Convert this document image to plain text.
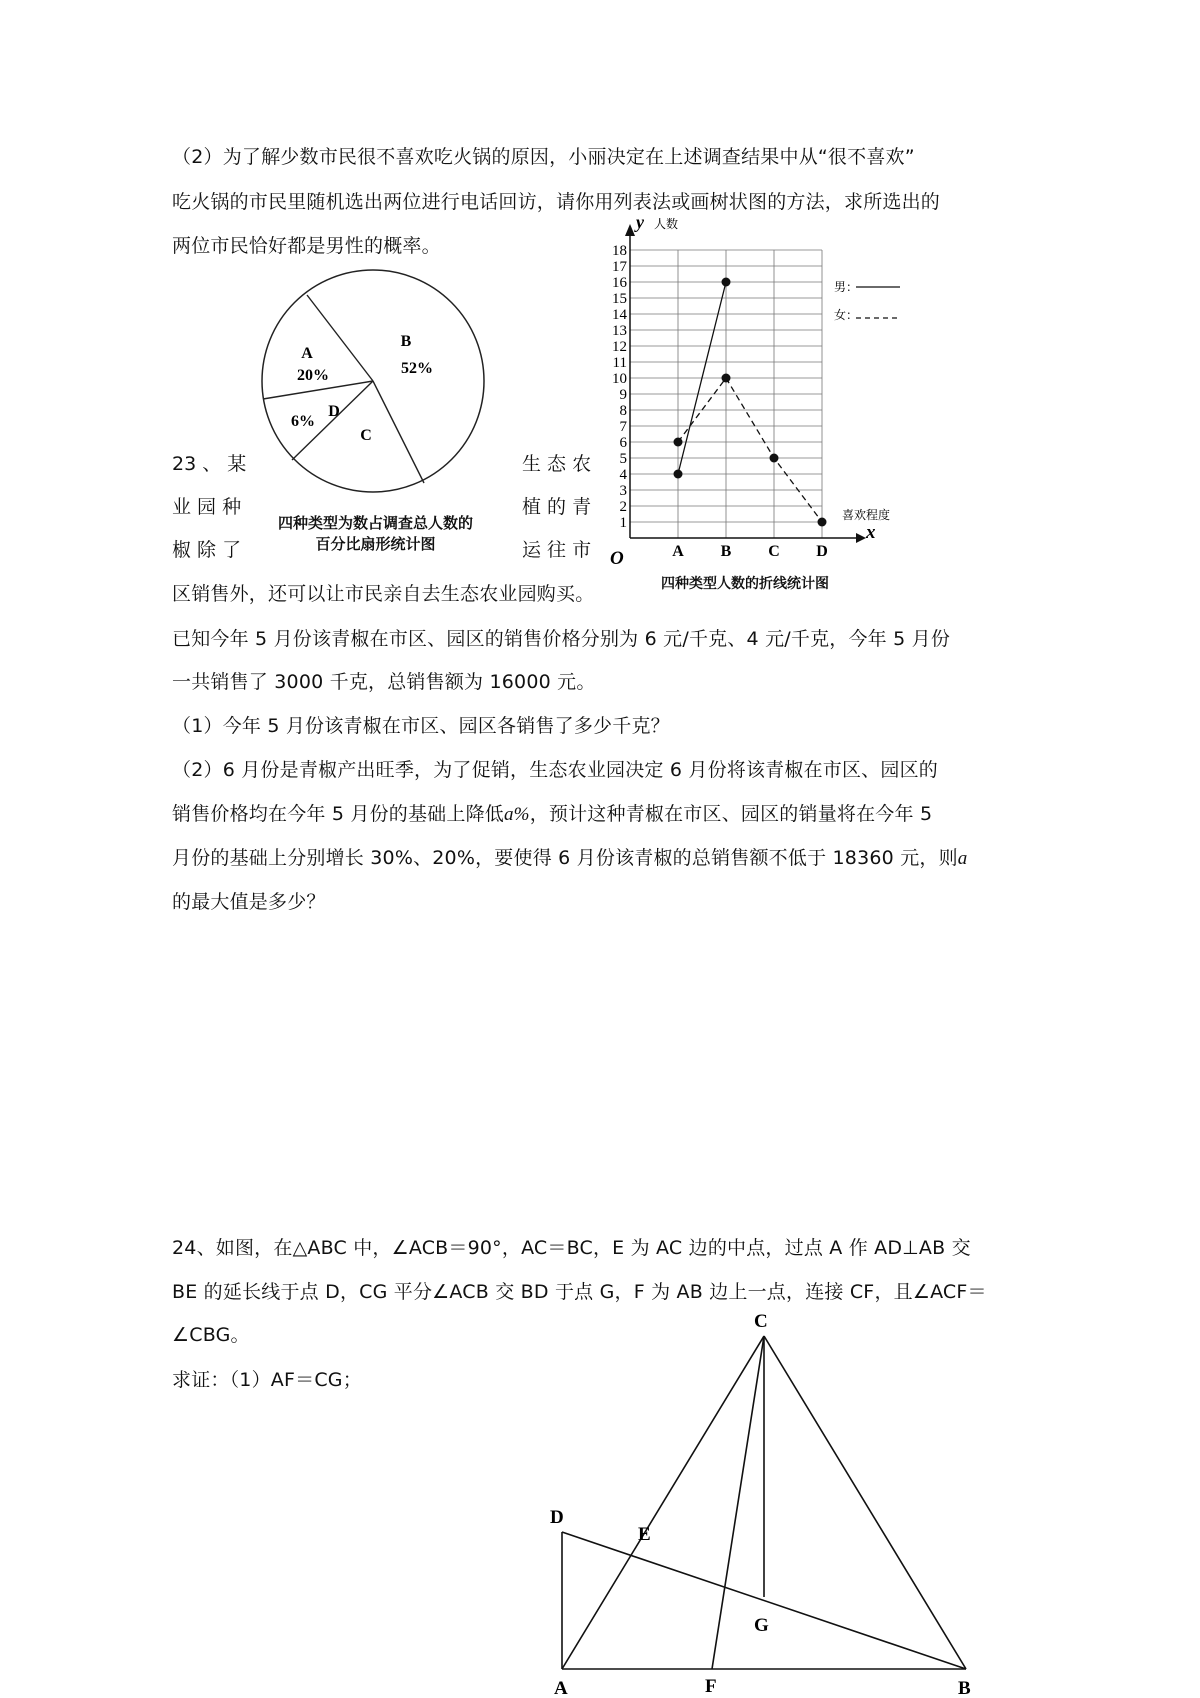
（2）为了解少数市民很不喜欢吃火锅的原因，小丽决定在上述调查结果中从“很不喜欢”
吃火锅的市民里随机选出两位进行电话回访，请你用列表法或画树状图的方法，求所选出的
两位市民恰好都是男性的概率。
A
20%
B
52%
C
D
6%
四种类型为数占调查总人数的
百分比扇形统计图
23 、 某
业 园 种
椒 除 了
生 态 农
植 的 青
运 往 市
1
2
3
4
5
6
7
8
9
10
11
12
13
14
15
16
17
18
A B C D
y 人数
x
喜欢程度
O
男：
女：
四种类型人数的折线统计图
区销售外，还可以让市民亲自去生态农业园购买。
已知今年 5 月份该青椒在市区、园区的销售价格分别为 6 元/千克、4 元/千克，今年 5 月份
一共销售了 3000 千克，总销售额为 16000 元。
（1）今年 5 月份该青椒在市区、园区各销售了多少千克？
（2）6 月份是青椒产出旺季，为了促销，生态农业园决定 6 月份将该青椒在市区、园区的
销售价格均在今年 5 月份的基础上降低a%，预计这种青椒在市区、园区的销量将在今年 5
月份的基础上分别增长 30%、20%，要使得 6 月份该青椒的总销售额不低于 18360 元，则a
的最大值是多少？
24、如图，在△ABC 中，∠ACB＝90°，AC＝BC，E 为 AC 边的中点，过点 A 作 AD⊥AB 交
BE 的延长线于点 D，CG 平分∠ACB 交 BD 于点 G，F 为 AB 边上一点，连接 CF，且∠ACF＝
∠CBG。
求证：（1）AF＝CG；
C
D
E
G
A	F	B
